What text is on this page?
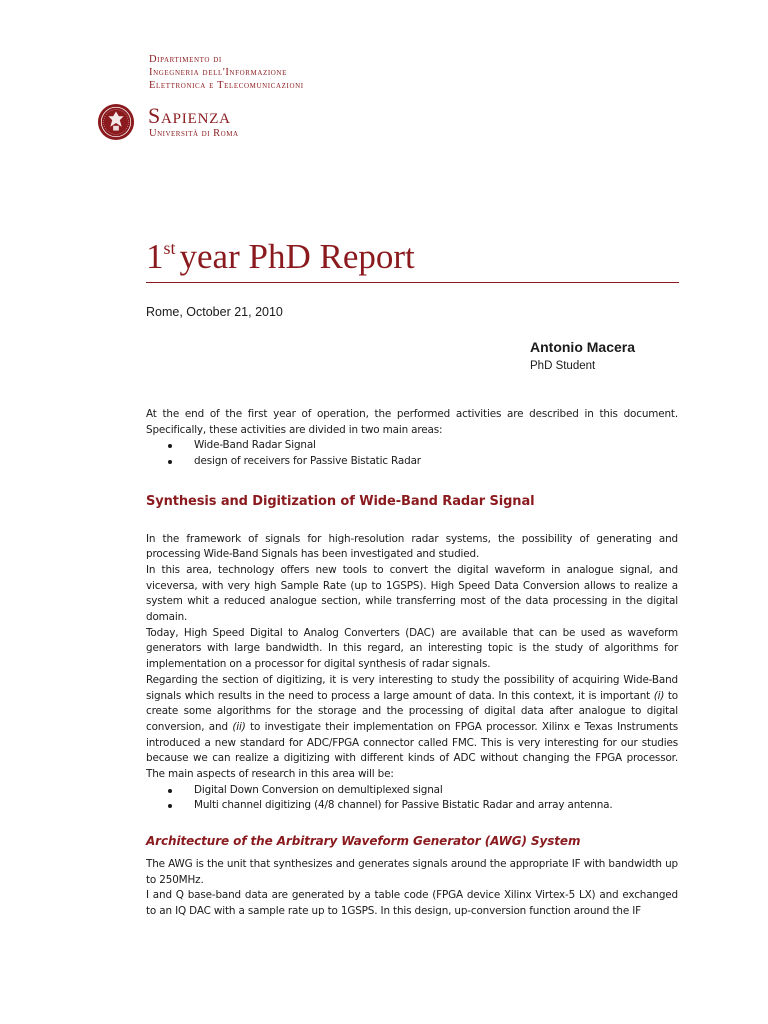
Dipartimento di
Ingegneria dell'Informazione
Elettronica e Telecomunicazioni
Sapienza
Università di Roma
1st year PhD Report
Rome, October 21, 2010
Antonio Macera
PhD Student

At the end of the first year of operation, the performed activities are described in this document. Specifically, these activities are divided in two main areas:

Wide-Band Radar Signal
design of receivers for Passive Bistatic Radar
Synthesis and Digitization of Wide-Band Radar Signal

In the framework of signals for high-resolution radar systems, the possibility of generating and processing Wide-Band Signals has been investigated and studied.

In this area, technology offers new tools to convert the digital waveform in analogue signal, and viceversa, with very high Sample Rate (up to 1GSPS). High Speed Data Conversion allows to realize a system whit a reduced analogue section, while transferring most of the data processing in the digital domain.

Today, High Speed Digital to Analog Converters (DAC) are available that can be used as waveform generators with large bandwidth. In this regard, an interesting topic is the study of algorithms for implementation on a processor for digital synthesis of radar signals.

Regarding the section of digitizing, it is very interesting to study the possibility of acquiring Wide-Band signals which results in the need to process a large amount of data. In this context, it is important (i) to create some algorithms for the storage and the processing of digital data after analogue to digital conversion, and (ii) to investigate their implementation on FPGA processor. Xilinx e Texas Instruments introduced a new standard for ADC/FPGA connector called FMC. This is very interesting for our studies because we can realize a digitizing with different kinds of ADC without changing the FPGA processor. The main aspects of research in this area will be:

Digital Down Conversion on demultiplexed signal
Multi channel digitizing (4/8 channel) for Passive Bistatic Radar and array antenna.
Architecture of the Arbitrary Waveform Generator (AWG) System

The AWG is the unit that synthesizes and generates signals around the appropriate IF with bandwidth up to 250MHz.

I and Q base-band data are generated by a table code (FPGA device Xilinx Virtex-5 LX) and exchanged to an IQ DAC with a sample rate up to 1GSPS. In this design, up-conversion function around the IF
